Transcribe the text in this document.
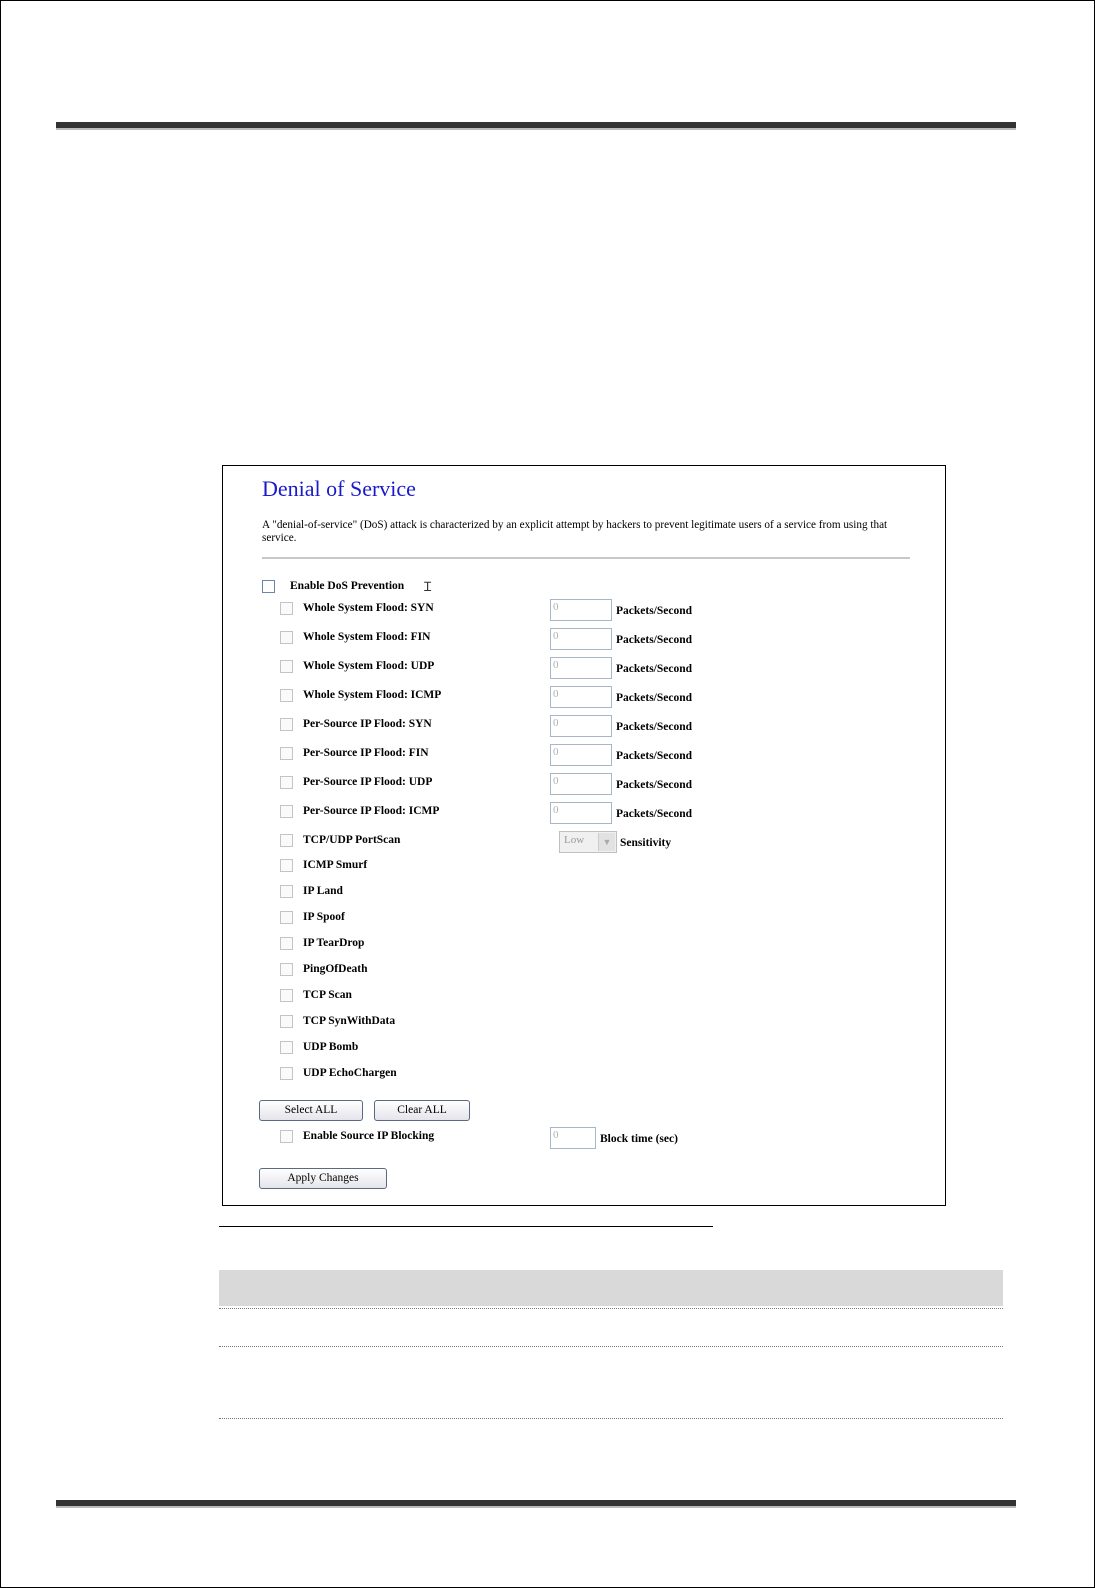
Denial of Service
A "denial-of-service" (DoS) attack is characterized by an explicit attempt by hackers to prevent legitimate users of a service from using that service.
Enable DoS Prevention Ɪ
Whole System Flood: SYN	0	Packets/Second
Whole System Flood: FIN	0	Packets/Second
Whole System Flood: UDP	0	Packets/Second
Whole System Flood: ICMP	0	Packets/Second
Per-Source IP Flood: SYN	0	Packets/Second
Per-Source IP Flood: FIN	0	Packets/Second
Per-Source IP Flood: UDP	0	Packets/Second
Per-Source IP Flood: ICMP	0	Packets/Second
TCP/UDP PortScan	Low	▼ Sensitivity
ICMP Smurf
IP Land
IP Spoof
IP TearDrop
PingOfDeath
TCP Scan
TCP SynWithData
UDP Bomb
UDP EchoChargen
Select ALL	Clear ALL
Enable Source IP Blocking	0	Block time (sec)
Apply Changes
